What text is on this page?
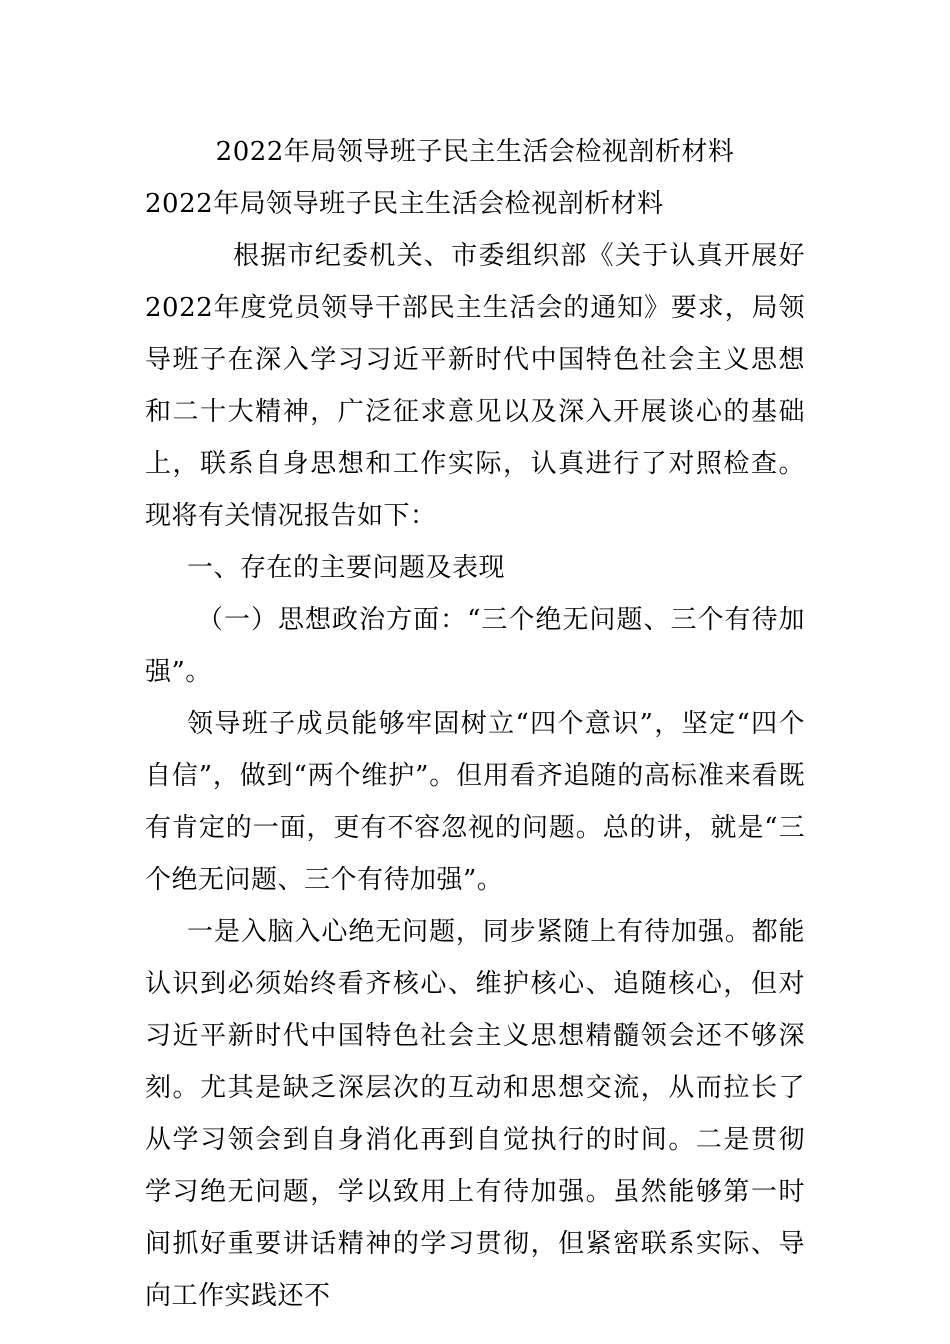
2022年局领导班子民主生活会检视剖析材料

2022年局领导班子民主生活会检视剖析材料

根据市纪委机关、市委组织部《关于认真开展好2022年度党员领导干部民主生活会的通知》要求，局领导班子在深入学习习近平新时代中国特色社会主义思想和二十大精神，广泛征求意见以及深入开展谈心的基础上，联系自身思想和工作实际，认真进行了对照检查。现将有关情况报告如下：

一、存在的主要问题及表现

（一）思想政治方面：“三个绝无问题、三个有待加强”。

领导班子成员能够牢固树立“四个意识”，坚定“四个自信”，做到“两个维护”。但用看齐追随的高标准来看既有肯定的一面，更有不容忽视的问题。总的讲，就是“三个绝无问题、三个有待加强”。

一是入脑入心绝无问题，同步紧随上有待加强。都能认识到必须始终看齐核心、维护核心、追随核心，但对习近平新时代中国特色社会主义思想精髓领会还不够深刻。尤其是缺乏深层次的互动和思想交流，从而拉长了从学习领会到自身消化再到自觉执行的时间。二是贯彻学习绝无问题，学以致用上有待加强。虽然能够第一时间抓好重要讲话精神的学习贯彻，但紧密联系实际、导向工作实践还不
